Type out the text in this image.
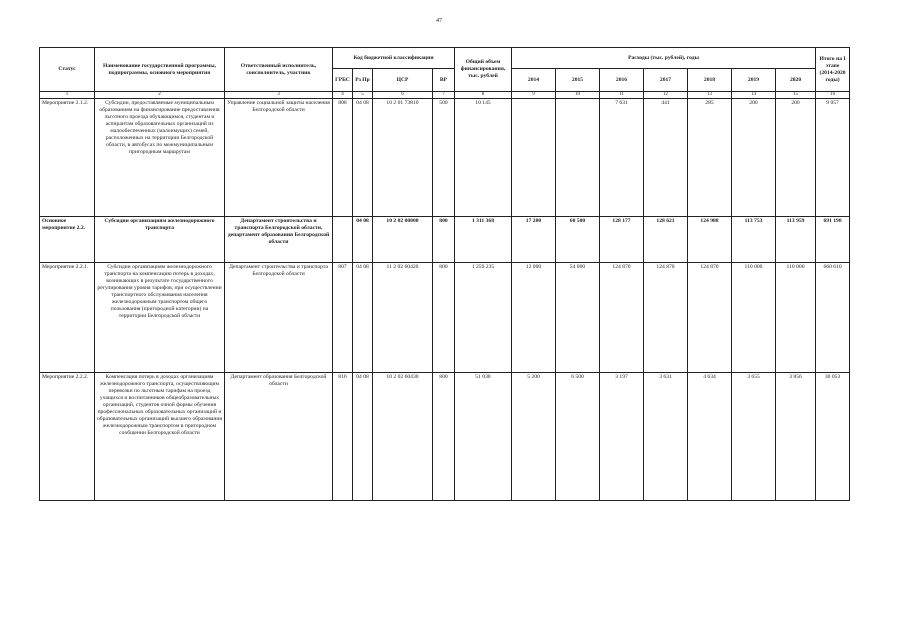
47
Статус	Наименование государственной программы, подпрограммы, основного мероприятия	Ответственный исполнитель, соисполнитель, участник	Код бюджетной классификации				Общий объем финансирования, тыс. рублей	Расходы (тыс. рублей), годы							Итого на I этапе (2014-2020 годы)
			ГРБС	Рз Пр	ЦСР	ВР		2014	2015	2016	2017	2018	2019	2020	
1	2	3	4	5	6	7	8	9	10	11	12	13	14	15	16
Мероприятие 2.1.2.	Субсидии, предоставляемые муниципальным образованиям на финансирование предоставления льготного проезда обучающимся, студентам и аспирантам образовательных организаций из малообеспеченных (малоимущих) семей, расположенных на территории Белгородской области, в автобусах по межмуниципальным пригородным маршрутам	Управление социальной защиты населения Белгородской области	808	04 08	10 2 01 73810	500	10 145			7 631	441	285	200	200	9 057
Основное мероприятие 2.2.	Субсидии организациям железнодорожного транспорта	Департамент строительства и транспорта Белгородской области, департамент образования Белгородской области		04 08	10 2 02 00000	800	1 311 368	17 200	60 500	128 177	128 621	124 988	113 753	113 959	691 198
Мероприятие 2.2.1.	Субсидии организациям железнодорожного транспорта на компенсацию потерь в доходах, возникающих в результате государственного регулирования уровня тарифов, при осуществлении транспортного обслуживания населения железнодорожным транспортом общего пользования (пригородной категории) на территории Белгородской области	Департамент строительства и транспорта Белгородской области	807	04 08	11 2 02 60420	800	1 259 235	12 000	54 000	124 870	124 870	124 870	110 000	110 000	660 610
Мероприятие 2.2.2.	Компенсация потерь в доходах организациям железнодорожного транспорта, осуществляющим перевозки по льготным тарифам на проезд учащихся и воспитанников общеобразовательных организаций, студентов очной формы обучения профессиональных образовательных организаций и образовательных организаций высшего образования железнодорожным транспортом в пригородном сообщении Белгородской области	Департамент образования Белгородской области	816	04 08	10 2 02 60430	800	51 038	5 200	6 500	3 197	3 631	4 634	3 655	3 856	30 053
